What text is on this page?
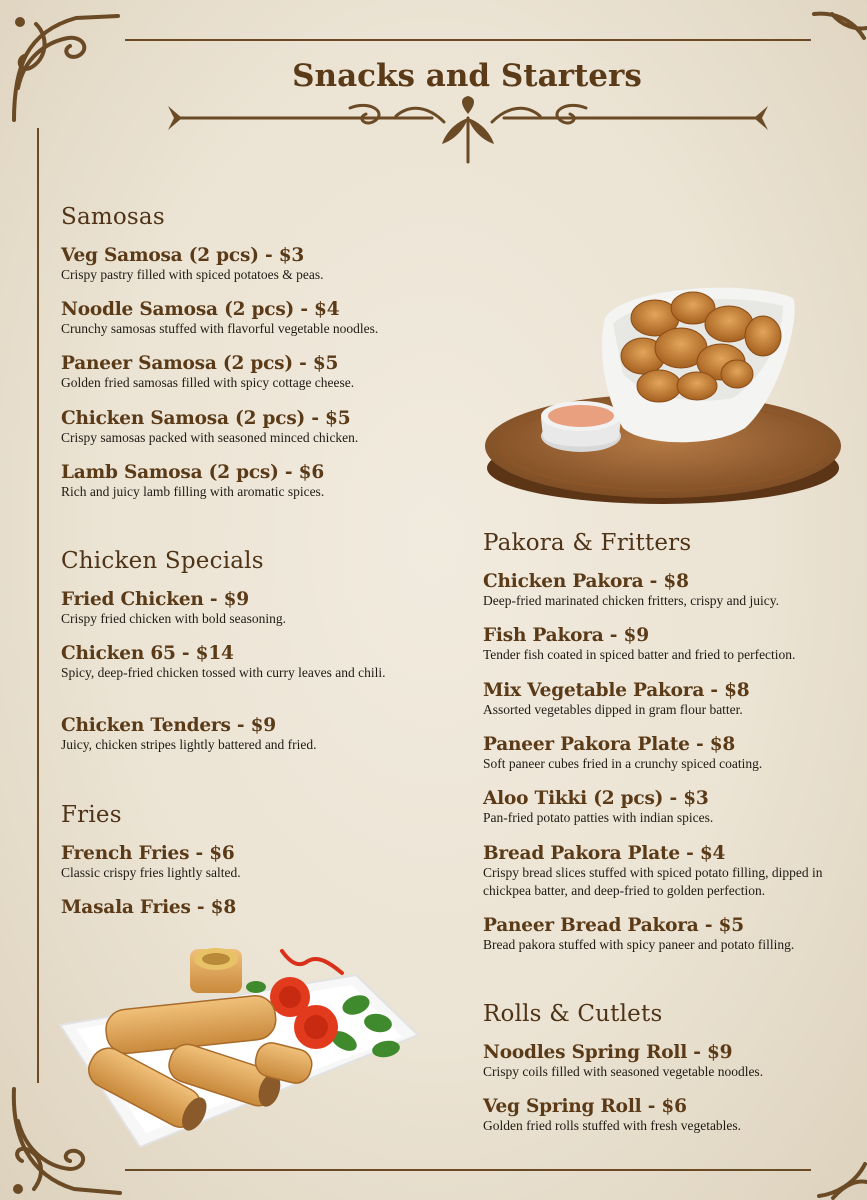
Snacks and Starters
Samosas
Veg Samosa (2 pcs) - $3
Crispy pastry filled with spiced potatoes & peas.
Noodle Samosa (2 pcs) - $4
Crunchy samosas stuffed with flavorful vegetable noodles.
Paneer Samosa (2 pcs) - $5
Golden fried samosas filled with spicy cottage cheese.
Chicken Samosa (2 pcs) - $5
Crispy samosas packed with seasoned minced chicken.
Lamb Samosa (2 pcs) - $6
Rich and juicy lamb filling with aromatic spices.
Chicken Specials
Fried Chicken - $9
Crispy fried chicken with bold seasoning.
Chicken 65 - $14
Spicy, deep-fried chicken tossed with curry leaves and chili.
Chicken Tenders - $9
Juicy, chicken stripes lightly battered and fried.
Fries
French Fries - $6
Classic crispy fries lightly salted.
Masala Fries - $8
Pakora & Fritters
Chicken Pakora - $8
Deep-fried marinated chicken fritters, crispy and juicy.
Fish Pakora - $9
Tender fish coated in spiced batter and fried to perfection.
Mix Vegetable Pakora - $8
Assorted vegetables dipped in gram flour batter.
Paneer Pakora Plate - $8
Soft paneer cubes fried in a crunchy spiced coating.
Aloo Tikki (2 pcs) - $3
Pan-fried potato patties with indian spices.
Bread Pakora Plate - $4
Crispy bread slices stuffed with spiced potato filling, dipped in chickpea batter, and deep-fried to golden perfection.
Paneer Bread Pakora - $5
Bread pakora stuffed with spicy paneer and potato filling.
Rolls & Cutlets
Noodles Spring Roll - $9
Crispy coils filled with seasoned vegetable noodles.
Veg Spring Roll - $6
Golden fried rolls stuffed with fresh vegetables.
